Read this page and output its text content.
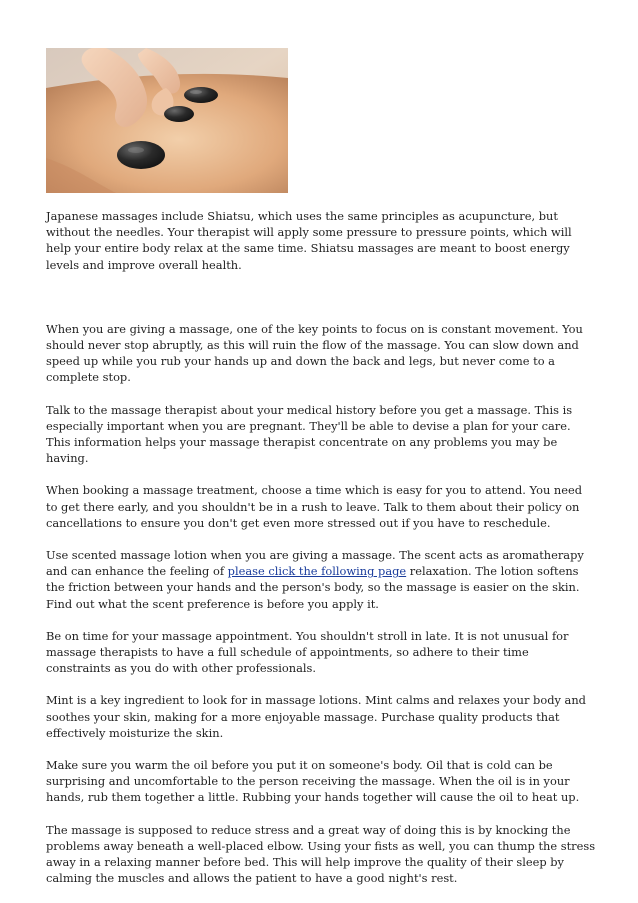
Japanese massages include Shiatsu, which uses the same principles as acupuncture, but without the needles. Your therapist will apply some pressure to pressure points, which will help your entire body relax at the same time. Shiatsu massages are meant to boost energy levels and improve overall health.

When you are giving a massage, one of the key points to focus on is constant movement. You should never stop abruptly, as this will ruin the flow of the massage. You can slow down and speed up while you rub your hands up and down the back and legs, but never come to a complete stop.

Talk to the massage therapist about your medical history before you get a massage. This is especially important when you are pregnant. They'll be able to devise a plan for your care. This information helps your massage therapist concentrate on any problems you may be having.

When booking a massage treatment, choose a time which is easy for you to attend. You need to get there early, and you shouldn't be in a rush to leave. Talk to them about their policy on cancellations to ensure you don't get even more stressed out if you have to reschedule.

Use scented massage lotion when you are giving a massage. The scent acts as aromatherapy and can enhance the feeling of please click the following page relaxation. The lotion softens the friction between your hands and the person's body, so the massage is easier on the skin. Find out what the scent preference is before you apply it.

Be on time for your massage appointment. You shouldn't stroll in late. It is not unusual for massage therapists to have a full schedule of appointments, so adhere to their time constraints as you do with other professionals.

Mint is a key ingredient to look for in massage lotions. Mint calms and relaxes your body and soothes your skin, making for a more enjoyable massage. Purchase quality products that effectively moisturize the skin.

Make sure you warm the oil before you put it on someone's body. Oil that is cold can be surprising and uncomfortable to the person receiving the massage. When the oil is in your hands, rub them together a little. Rubbing your hands together will cause the oil to heat up.

The massage is supposed to reduce stress and a great way of doing this is by knocking the problems away beneath a well-placed elbow. Using your fists as well, you can thump the stress away in a relaxing manner before bed. This will help improve the quality of their sleep by calming the muscles and allows the patient to have a good night's rest.
